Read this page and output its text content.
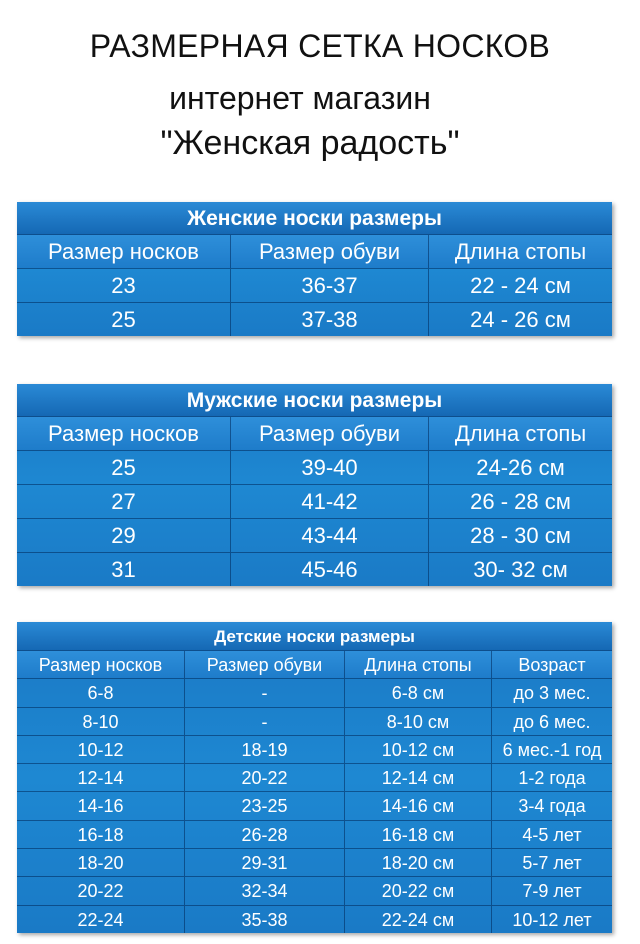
РАЗМЕРНАЯ СЕТКА НОСКОВ
интернет магазин
"Женская радость"
Женские носки размеры
Размер носков	Размер обуви	Длина стопы
23	36-37	22 - 24 см
25	37-38	24 - 26 см
Мужские носки размеры
Размер носков	Размер обуви	Длина стопы
25	39-40	24-26 см
27	41-42	26 - 28 см
29	43-44	28 - 30 см
31	45-46	30- 32 см
Детские носки размеры
Размер носков	Размер обуви	Длина стопы	Возраст
6-8	-	6-8 см	до 3 мес.
8-10	-	8-10 см	до 6 мес.
10-12	18-19	10-12 см	6 мес.-1 год
12-14	20-22	12-14 см	1-2 года
14-16	23-25	14-16 см	3-4 года
16-18	26-28	16-18 см	4-5 лет
18-20	29-31	18-20 см	5-7 лет
20-22	32-34	20-22 см	7-9 лет
22-24	35-38	22-24 см	10-12 лет
